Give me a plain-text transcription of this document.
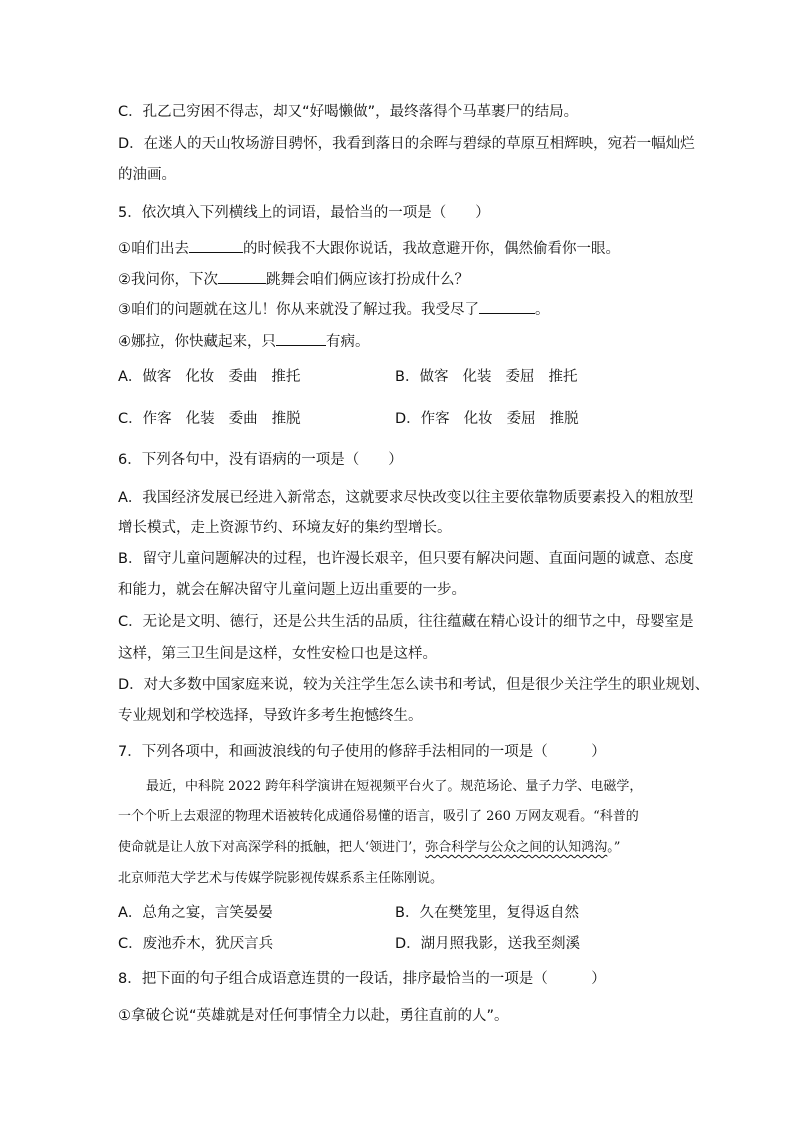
C．孔乙己穷困不得志，却又“好喝懒做”，最终落得个马革裹尸的结局。
D．在迷人的天山牧场游目骋怀，我看到落日的余晖与碧绿的草原互相辉映，宛若一幅灿烂
的油画。
5．依次填入下列横线上的词语，最恰当的一项是（　　）
①咱们出去	的时候我不大跟你说话，我故意避开你，偶然偷看你一眼。
②我问你，下次	跳舞会咱们俩应该打扮成什么？
③咱们的问题就在这儿！你从来就没了解过我。我受尽了	。
④娜拉，你快藏起来，只	有病。
A．做客 化妆 委曲 推托	B．做客 化装 委屈 推托
C．作客 化装 委曲 推脱	D．作客 化妆 委屈 推脱
6．下列各句中，没有语病的一项是（　　）
A．我国经济发展已经进入新常态，这就要求尽快改变以往主要依靠物质要素投入的粗放型
增长模式，走上资源节约、环境友好的集约型增长。
B．留守儿童问题解决的过程，也许漫长艰辛，但只要有解决问题、直面问题的诚意、态度
和能力，就会在解决留守儿童问题上迈出重要的一步。
C．无论是文明、德行，还是公共生活的品质，往往蕴藏在精心设计的细节之中，母婴室是
这样，第三卫生间是这样，女性安检口也是这样。
D．对大多数中国家庭来说，较为关注学生怎么读书和考试，但是很少关注学生的职业规划、
专业规划和学校选择，导致许多考生抱憾终生。
7．下列各项中，和画波浪线的句子使用的修辞手法相同的一项是（　　　）
最近，中科院 2022 跨年科学演讲在短视频平台火了。规范场论、量子力学、电磁学，
一个个听上去艰涩的物理术语被转化成通俗易懂的语言，吸引了 260 万网友观看。“科普的
使命就是让人放下对高深学科的抵触，把人‘领进门’，弥合科学与公众之间的认知鸿沟。”
北京师范大学艺术与传媒学院影视传媒系系主任陈刚说。
A．总角之宴，言笑晏晏	B．久在樊笼里，复得返自然
C．废池乔木，犹厌言兵	D．湖月照我影，送我至剡溪
8．把下面的句子组合成语意连贯的一段话，排序最恰当的一项是（　　　）
①拿破仑说“英雄就是对任何事情全力以赴，勇往直前的人”。
